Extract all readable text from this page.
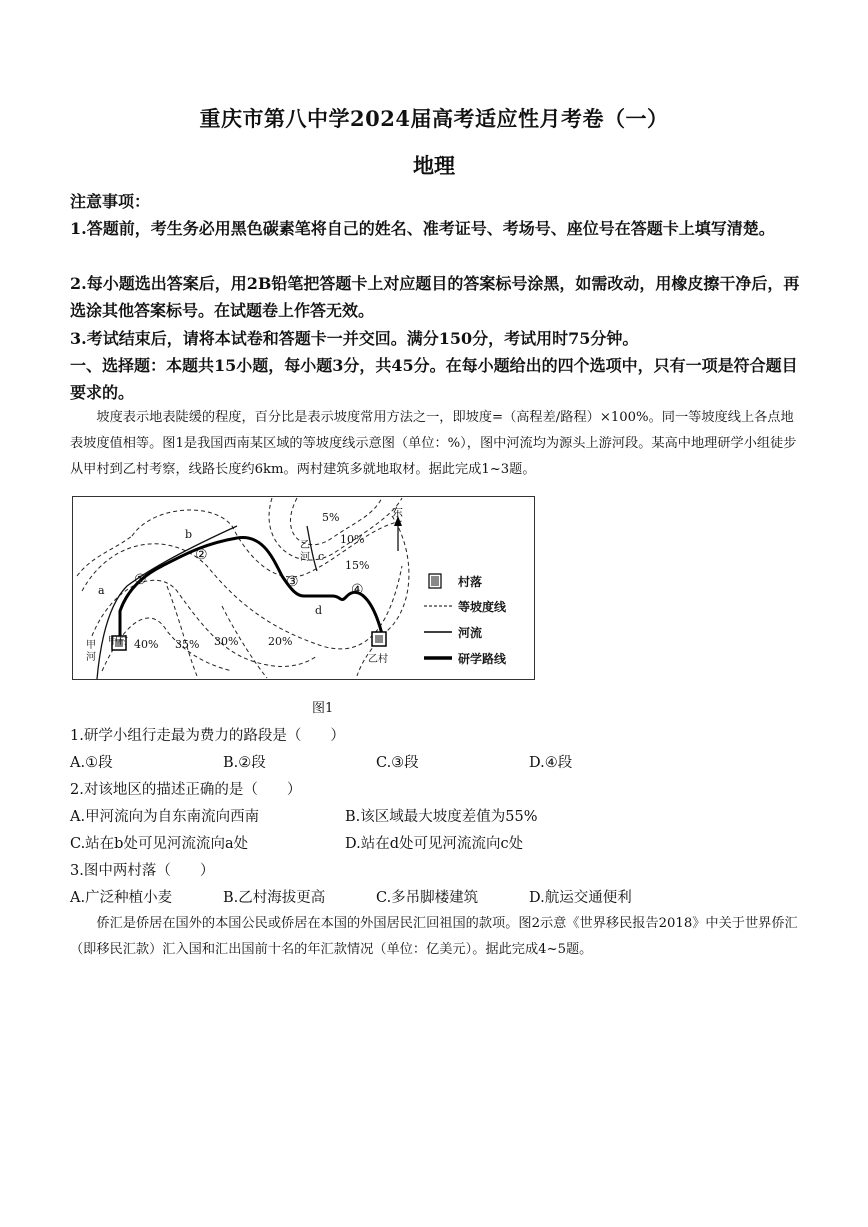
重庆市第八中学2024届高考适应性月考卷（一）
地理
注意事项：
1.答题前，考生务必用黑色碳素笔将自己的姓名、准考证号、考场号、座位号在答题卡上填写清楚。
2.每小题选出答案后，用2B铅笔把答题卡上对应题目的答案标号涂黑，如需改动，用橡皮擦干净后，再选涂其他答案标号。在试题卷上作答无效。
3.考试结束后，请将本试卷和答题卡一并交回。满分150分，考试用时75分钟。
一、选择题：本题共15小题，每小题3分，共45分。在每小题给出的四个选项中，只有一项是符合题目要求的。
坡度表示地表陡缓的程度，百分比是表示坡度常用方法之一，即坡度=（高程差/路程）×100%。同一等坡度线上各点地表坡度值相等。图1是我国西南某区域的等坡度线示意图（单位：%），图中河流均为源头上游河段。某高中地理研学小组徒步从甲村到乙村考察，线路长度约6km。两村建筑多就地取材。据此完成1~3题。
5%
10%
15%
20%
30%
35%
40%
①
②
③	④
a
b
c
d
甲
河
乙
河
甲村
乙村
东
村落
等坡度线
河流
研学路线
图1
1.研学小组行走最为费力的路段是（　　）
A.①段	B.②段	C.③段	D.④段
2.对该地区的描述正确的是（　　）
A.甲河流向为自东南流向西南	B.该区域最大坡度差值为55%
C.站在b处可见河流流向a处	D.站在d处可见河流流向c处
3.图中两村落（　　）
A.广泛种植小麦	B.乙村海拔更高	C.多吊脚楼建筑	D.航运交通便利
侨汇是侨居在国外的本国公民或侨居在本国的外国居民汇回祖国的款项。图2示意《世界移民报告2018》中关于世界侨汇（即移民汇款）汇入国和汇出国前十名的年汇款情况（单位：亿美元）。据此完成4~5题。
